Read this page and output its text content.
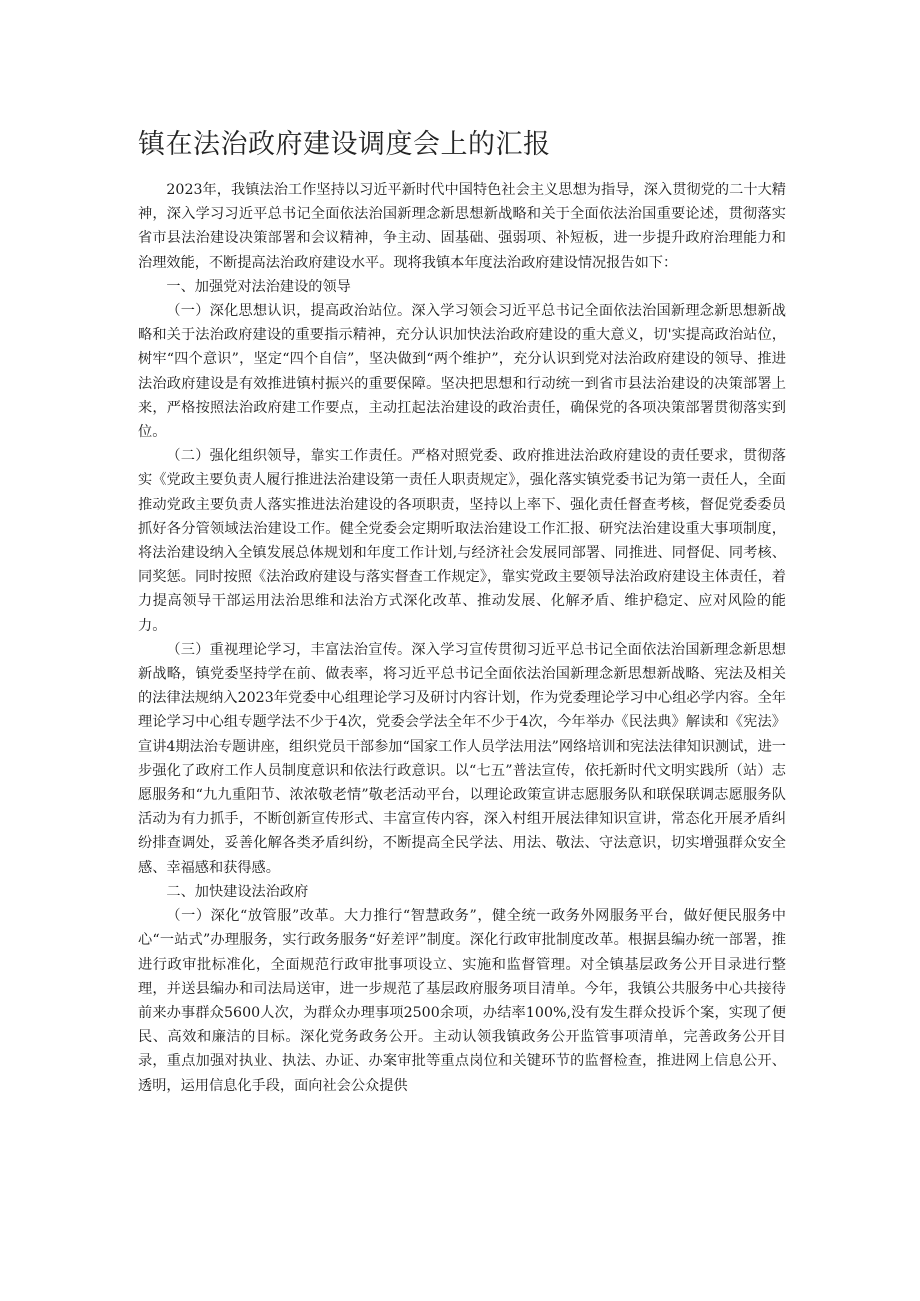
镇在法治政府建设调度会上的汇报

2023年，我镇法治工作坚持以习近平新时代中国特色社会主义思想为指导，深入贯彻党的二十大精神，深入学习习近平总书记全面依法治国新理念新思想新战略和关于全面依法治国重要论述，贯彻落实省市县法治建设决策部署和会议精神，争主动、固基础、强弱项、补短板，进一步提升政府治理能力和治理效能，不断提高法治政府建设水平。现将我镇本年度法治政府建设情况报告如下：

一、加强党对法治建设的领导

（一）深化思想认识，提高政治站位。深入学习领会习近平总书记全面依法治国新理念新思想新战略和关于法治政府建设的重要指示精神，充分认识加快法治政府建设的重大意义，切'实提高政治站位，树牢“四个意识”，坚定“四个自信”，坚决做到“两个维护”，充分认识到党对法治政府建设的领导、推进法治政府建设是有效推进镇村振兴的重要保障。坚决把思想和行动统一到省市县法治建设的决策部署上来，严格按照法治政府建工作要点，主动扛起法治建设的政治责任，确保党的各项决策部署贯彻落实到位。

（二）强化组织领导，靠实工作责任。严格对照党委、政府推进法治政府建设的责任要求，贯彻落实《党政主要负责人履行推进法治建设第一责任人职责规定》，强化落实镇党委书记为第一责任人，全面推动党政主要负责人落实推进法治建设的各项职责，坚持以上率下、强化责任督查考核，督促党委委员抓好各分管领域法治建设工作。健全党委会定期听取法治建设工作汇报、研究法治建设重大事项制度，将法治建设纳入全镇发展总体规划和年度工作计划,与经济社会发展同部署、同推进、同督促、同考核、同奖惩。同时按照《法治政府建设与落实督查工作规定》，靠实党政主要领导法治政府建设主体责任，着力提高领导干部运用法治思维和法治方式深化改革、推动发展、化解矛盾、维护稳定、应对风险的能力。

（三）重视理论学习，丰富法治宣传。深入学习宣传贯彻习近平总书记全面依法治国新理念新思想新战略，镇党委坚持学在前、做表率，将习近平总书记全面依法治国新理念新思想新战略、宪法及相关的法律法规纳入2023年党委中心组理论学习及研讨内容计划，作为党委理论学习中心组必学内容。全年理论学习中心组专题学法不少于4次，党委会学法全年不少于4次，今年举办《民法典》解读和《宪法》宣讲4期法治专题讲座，组织党员干部参加“国家工作人员学法用法”网络培训和宪法法律知识测试，进一步强化了政府工作人员制度意识和依法行政意识。以“七五”普法宣传，依托新时代文明实践所（站）志愿服务和“九九重阳节、浓浓敬老情”敬老活动平台，以理论政策宣讲志愿服务队和联保联调志愿服务队活动为有力抓手，不断创新宣传形式、丰富宣传内容，深入村组开展法律知识宣讲，常态化开展矛盾纠纷排查调处，妥善化解各类矛盾纠纷，不断提高全民学法、用法、敬法、守法意识，切实增强群众安全感、幸福感和获得感。

二、加快建设法治政府

（一）深化“放管服”改革。大力推行“智慧政务”，健全统一政务外网服务平台，做好便民服务中心“一站式”办理服务，实行政务服务“好差评”制度。深化行政审批制度改革。根据县编办统一部署，推进行政审批标准化，全面规范行政审批事项设立、实施和监督管理。对全镇基层政务公开目录进行整理，并送县编办和司法局送审，进一步规范了基层政府服务项目清单。今年，我镇公共服务中心共接待前来办事群众5600人次，为群众办理事项2500余项，办结率100%,没有发生群众投诉个案，实现了便民、高效和廉洁的目标。深化党务政务公开。主动认领我镇政务公开监管事项清单，完善政务公开目录，重点加强对执业、执法、办证、办案审批等重点岗位和关键环节的监督检查，推进网上信息公开、透明，运用信息化手段，面向社会公众提供
